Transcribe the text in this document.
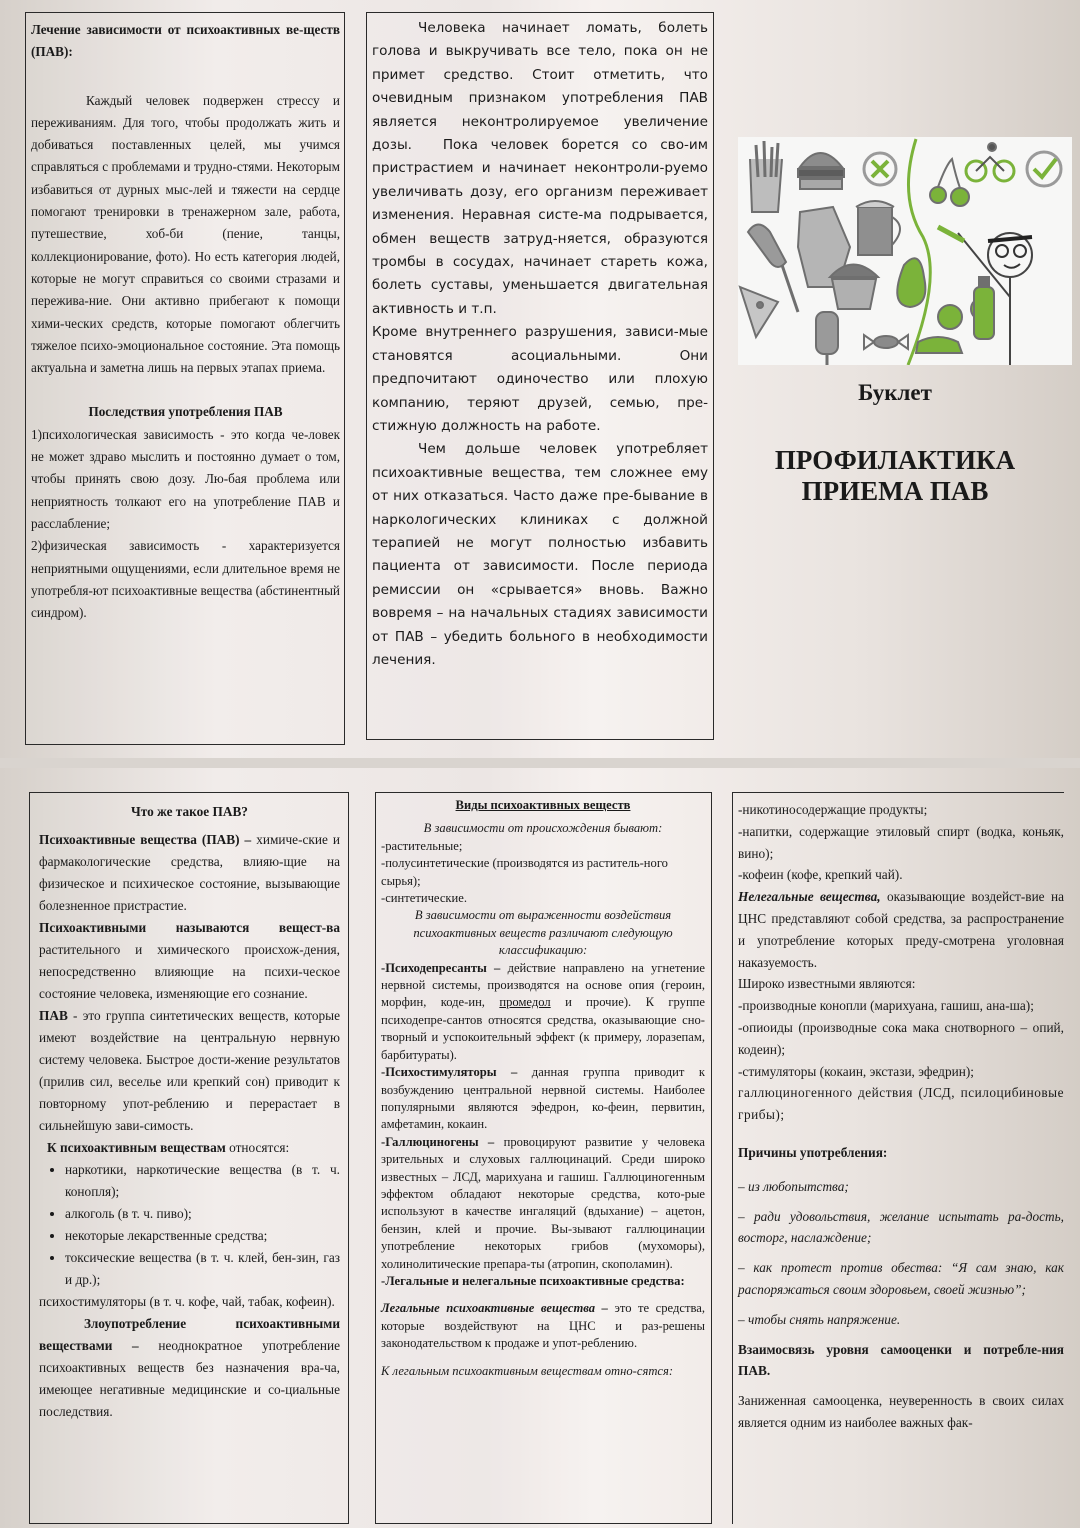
Лечение зависимости от психоактивных ве-ществ (ПАВ):

Каждый человек подвержен стрессу и переживаниям. Для того, чтобы продолжать жить и добиваться поставленных целей, мы учимся справляться с проблемами и трудно-стями. Некоторым избавиться от дурных мыс-лей и тяжести на сердце помогают тренировки в тренажерном зале, работа, путешествие, хоб-би (пение, танцы, коллекционирование, фото). Но есть категория людей, которые не могут справиться со своими стразами и пережива-ние. Они активно прибегают к помощи хими-ческих средств, которые помогают облегчить тяжелое психо-эмоциональное состояние. Эта помощь актуальна и заметна лишь на первых этапах приема.

Последствия употребления ПАВ

1)психологическая зависимость - это когда че-ловек не может здраво мыслить и постоянно думает о том, чтобы принять свою дозу. Лю-бая проблема или неприятность толкают его на употребление ПАВ и расслабление;

2)физическая зависимость - характеризуется неприятными ощущениями, если длительное время не употребля-ют психоактивные вещества (абстинентный синдром).

Человека начинает ломать, болеть голова и выкручивать все тело, пока он не примет средство. Стоит отметить, что очевидным признаком употребления ПАВ является неконтролируемое увеличение дозы. Пока человек борется со сво-им пристрастием и начинает неконтроли-руемо увеличивать дозу, его организм переживает изменения. Неравная систе-ма подрывается, обмен веществ затруд-няется, образуются тромбы в сосудах, начинает стареть кожа, болеть суставы, уменьшается двигательная активность и т.п.

Кроме внутреннего разрушения, зависи-мые становятся асоциальными. Они предпочитают одиночество или плохую компанию, теряют друзей, семью, пре-стижную должность на работе.

Чем дольше человек употребляет психоактивные вещества, тем сложнее ему от них отказаться. Часто даже пре-бывание в наркологических клиниках с должной терапией не могут полностью избавить пациента от зависимости. После периода ремиссии он «срывается» вновь. Важно вовремя – на начальных стадиях зависимости от ПАВ – убедить больного в необходимости лечения.

Буклет
ПРОФИЛАКТИКА
ПРИЕМА ПАВ

Что же такое ПАВ?

Психоактивные вещества (ПАВ) – химиче-ские и фармакологические средства, влияю-щие на физическое и психическое состояние, вызывающие болезненное пристрастие.

Психоактивными называются вещест-ва растительного и химического происхож-дения, непосредственно влияющие на психи-ческое состояние человека, изменяющие его сознание.

ПАВ - это группа синтетических веществ, которые имеют воздействие на центральную нервную систему человека. Быстрое дости-жение результатов (прилив сил, веселье или крепкий сон) приводит к повторному упот-реблению и перерастает в сильнейшую зави-симость.

К психоактивным веществам относятся:

• наркотики, наркотические вещества (в т. ч. конопля);
• алкоголь (в т. ч. пиво);
• некоторые лекарственные средства;
• токсические вещества (в т. ч. клей, бен-зин, газ и др.);

психостимуляторы (в т. ч. кофе, чай, табак, кофеин).

Злоупотребление психоактивными веществами – неоднократное употребление психоактивных веществ без назначения вра-ча, имеющее негативные медицинские и со-циальные последствия.

Виды психоактивных веществ

В зависимости от происхождения бывают:

-растительные;

-полусинтетические (производятся из раститель-ного сырья);

-синтетические.

В зависимости от выраженности воздействия психоактивных веществ различают следующую классификацию:

-Психодепресанты – действие направлено на угнетение нервной системы, производятся на основе опия (героин, морфин, коде-ин, промедол и прочие). К группе психодепре-сантов относятся средства, оказывающие сно-творный и успокоительный эффект (к примеру, лоразепам, барбитураты).

-Психостимуляторы – данная группа приводит к возбуждению центральной нервной системы. Наиболее популярными являются эфедрон, ко-феин, первитин, амфетамин, кокаин.

-Галлюциногены – провоцируют развитие у человека зрительных и слуховых галлюцинаций. Среди широко известных – ЛСД, марихуана и гашиш. Галлюциногенным эффектом обладают некоторые средства, кото-рые используют в качестве ингаляций (вдыхание) – ацетон, бензин, клей и прочие. Вы-зывают галлюцинации употребление некоторых грибов (мухоморы), холинолитические препара-ты (атропин, скополамин).

-Легальные и нелегальные психоактивные средства:

Легальные психоактивные вещества – это те средства, которые воздействуют на ЦНС и раз-решены законодательством к продаже и упот-реблению.

К легальным психоактивным веществам отно-сятся:

-никотиносодержащие продукты;

-напитки, содержащие этиловый спирт (водка, коньяк, вино);

-кофеин (кофе, крепкий чай).

Нелегальные вещества, оказывающие воздейст-вие на ЦНС представляют собой средства, за распространение и употребление которых преду-смотрена уголовная наказуемость.

Широко известными являются:

-производные конопли (марихуана, гашиш, ана-ша);

-опиоиды (производные сока мака снотворного – опий, кодеин);

-стимуляторы (кокаин, экстази, эфедрин);

галлюциногенного действия (ЛСД, псилоцибиновые грибы);

Причины употребления:

– из любопытства;

– ради удовольствия, желание испытать ра-дость, восторг, наслаждение;

– как протест против обества: “Я сам знаю, как распоряжаться своим здоровьем, своей жизнью”;

– чтобы снять напряжение.

Взаимосвязь уровня самооценки и потребле-ния ПАВ.

Заниженная самооценка, неуверенность в своих силах является одним из наиболее важных фак-
